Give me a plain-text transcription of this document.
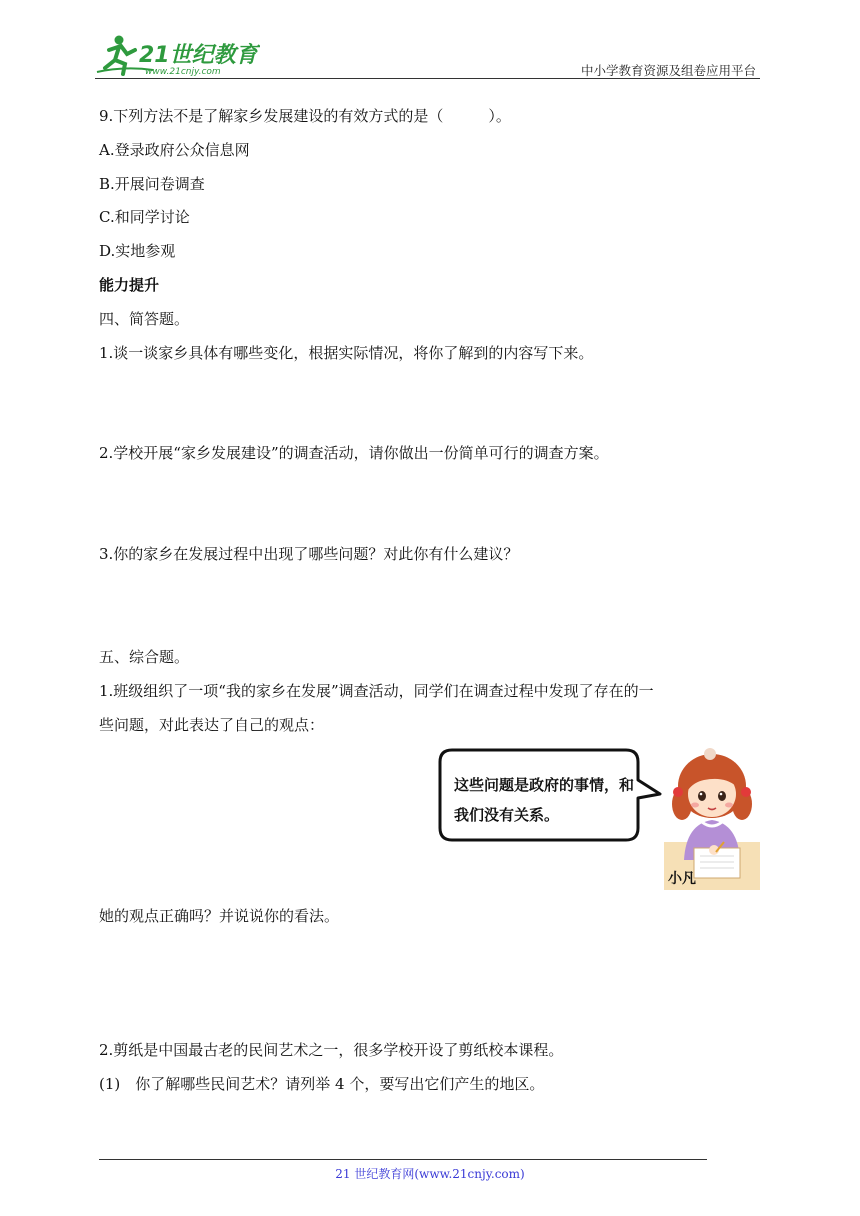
21世纪教育
www.21cnjy.com	中小学教育资源及组卷应用平台
9.下列方法不是了解家乡发展建设的有效方式的是（　　　）。
A.登录政府公众信息网
B.开展问卷调查
C.和同学讨论
D.实地参观
能力提升
四、简答题。
1.谈一谈家乡具体有哪些变化，根据实际情况，将你了解到的内容写下来。
2.学校开展“家乡发展建设”的调查活动，请你做出一份简单可行的调查方案。
3.你的家乡在发展过程中出现了哪些问题？对此你有什么建议？
五、综合题。
1.班级组织了一项“我的家乡在发展”调查活动，同学们在调查过程中发现了存在的一
些问题，对此表达了自己的观点：
这些问题是政府的事情，和我们没有关系。
小凡
她的观点正确吗？并说说你的看法。
2.剪纸是中国最古老的民间艺术之一，很多学校开设了剪纸校本课程。
(1)　你了解哪些民间艺术？请列举 4 个，要写出它们产生的地区。
21 世纪教育网(www.21cnjy.com)
